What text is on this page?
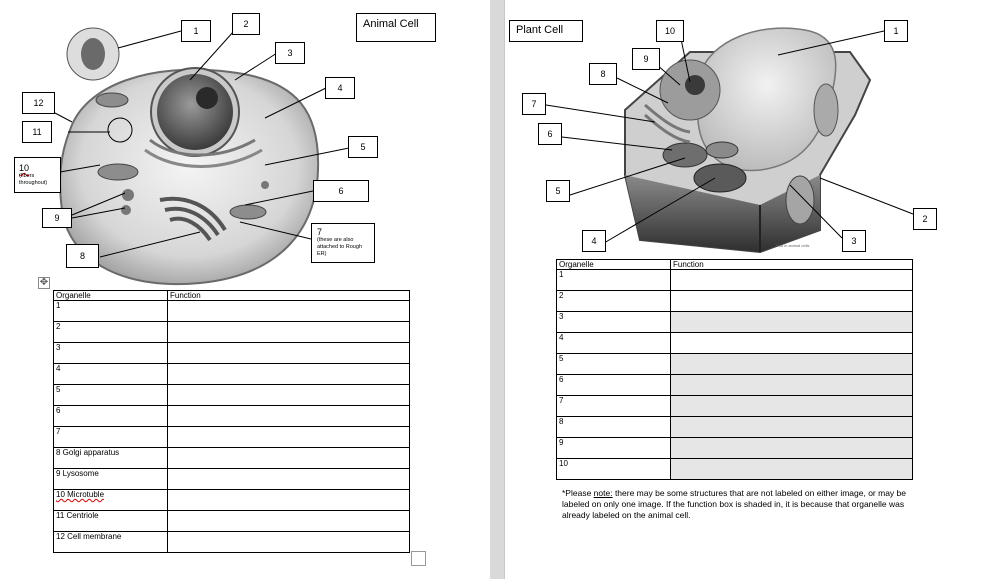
Animal Cell
1
2
3
4
5
6
7
(these are also attached to Rough ER)
8
9
10
(fibers throughout)
11
12
✥
Organelle	Function
1	
2	
3	
4	
5	
6	
7	
8 Golgi apparatus	
9 Lysosome	
10 Microtuble	
11 Centriole	
12 Cell membrane	
Plant Cell	1
2
3
4
5
6
7
8
9
10
*not in animal cells
Organelle	Function
1	
2	
3	
4	
5	
6	
7	
8	
9	
10	
*Please note: there may be some structures that are not labeled on either image, or may be labeled on only one image. If the function box is shaded in, it is because that organelle was already labeled on the animal cell.
